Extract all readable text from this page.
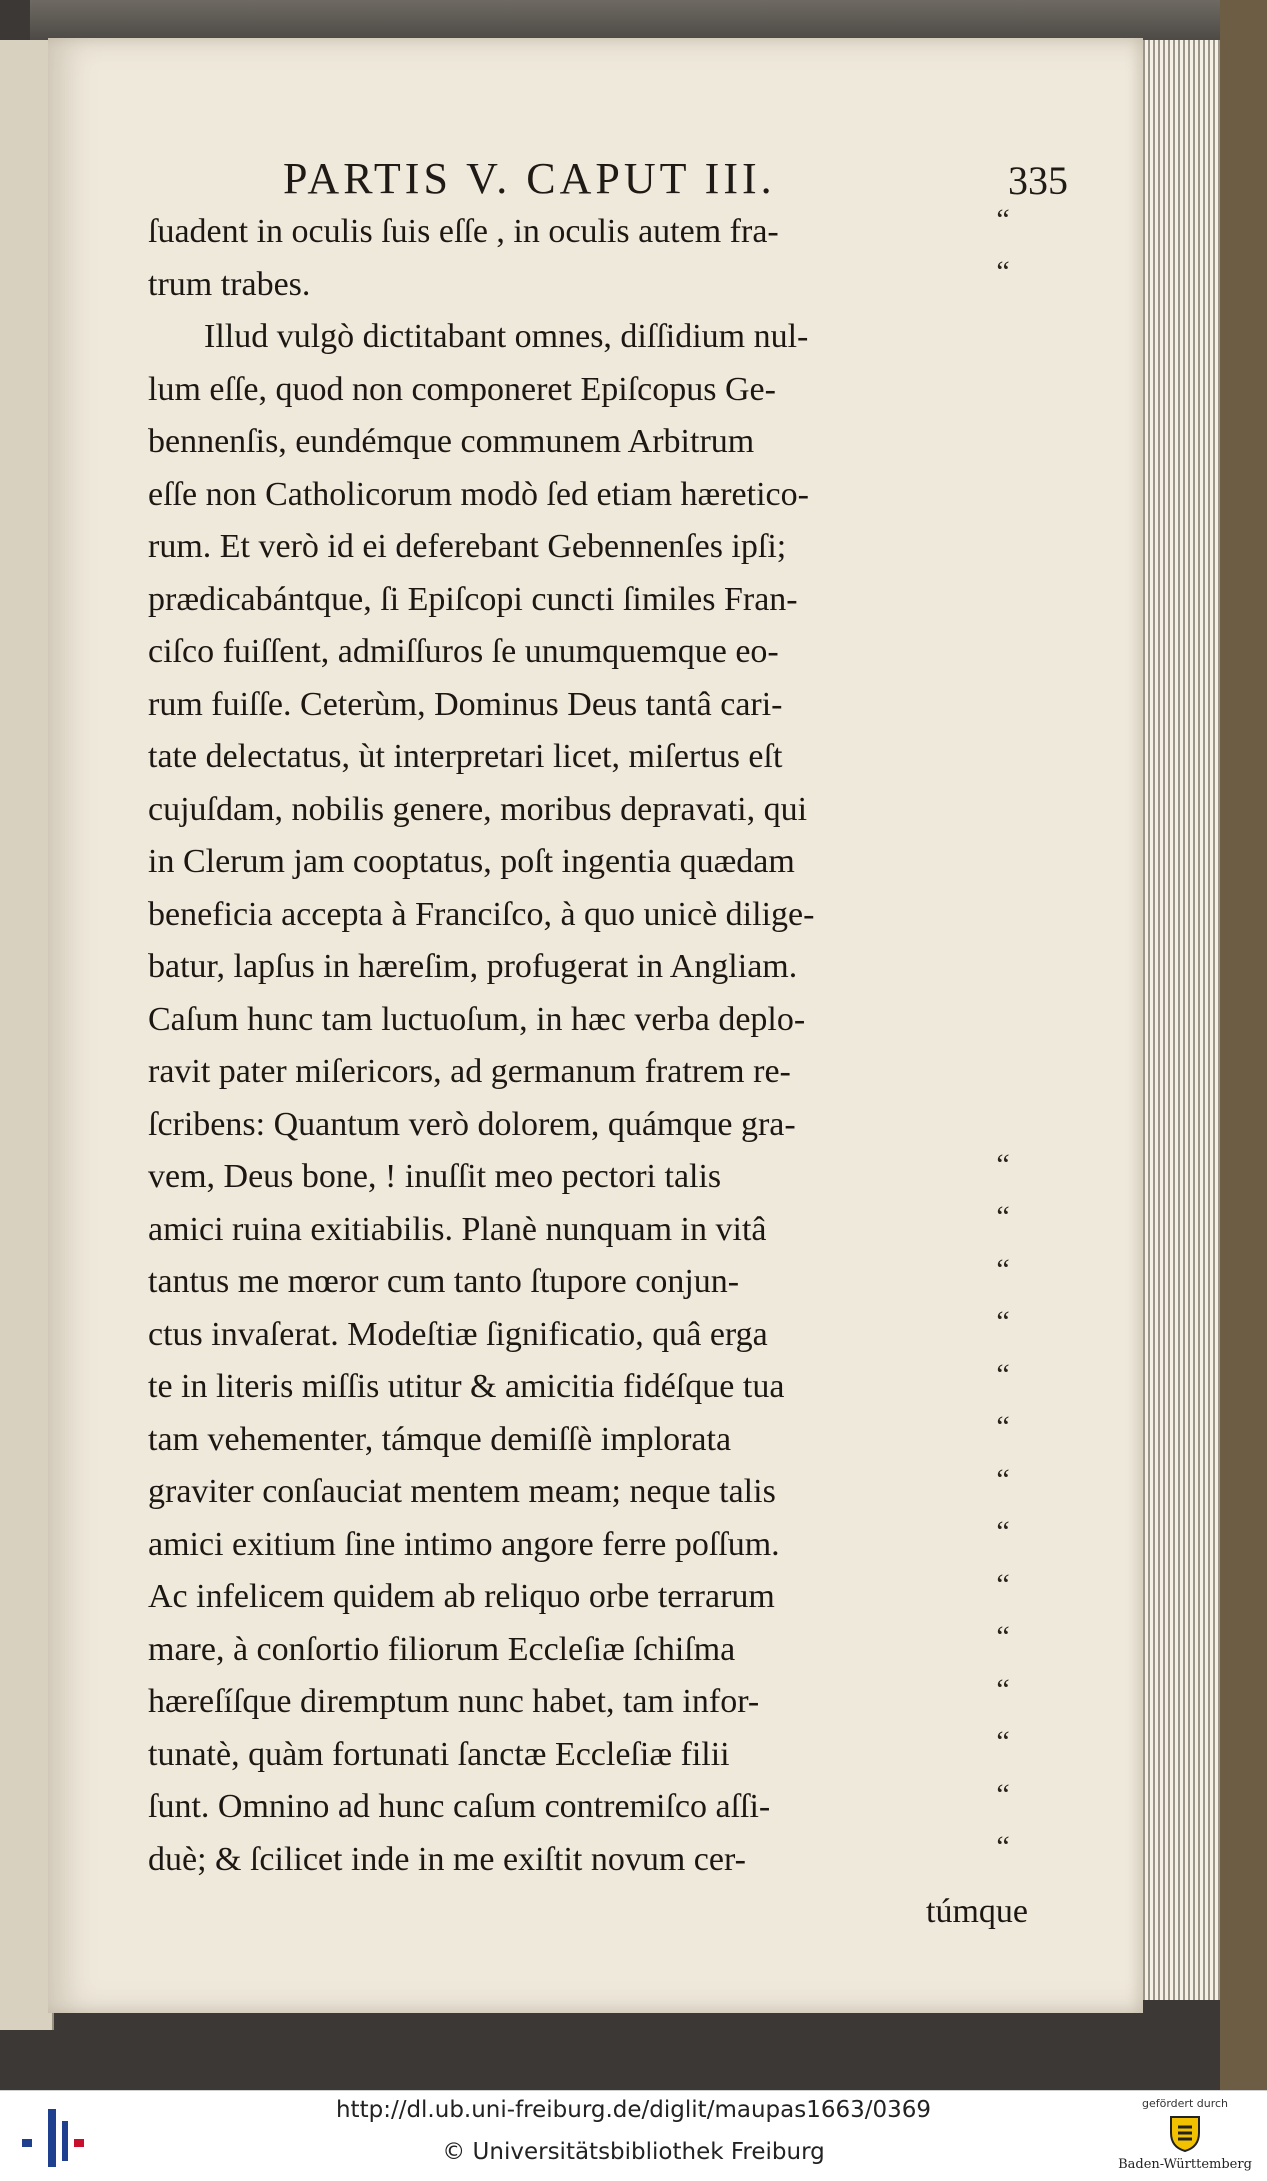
PARTIS V. CAPUT III.	335
ſuadent in oculis ſuis eſſe , in oculis autem fra-
trum trabes.
Illud vulgò dictitabant omnes, diſſidium nul-
lum eſſe, quod non componeret Epiſcopus Ge-
bennenſis, eundémque communem Arbitrum
eſſe non Catholicorum modò ſed etiam hæretico-
rum. Et verò id ei deferebant Gebennenſes ipſi;
prædicabántque, ſi Epiſcopi cuncti ſimiles Fran-
ciſco fuiſſent, admiſſuros ſe unumquemque eo-
rum fuiſſe. Ceterùm, Dominus Deus tantâ cari-
tate delectatus, ùt interpretari licet, miſertus eſt
cujuſdam, nobilis genere, moribus depravati, qui
in Clerum jam cooptatus, poſt ingentia quædam
beneficia accepta à Franciſco, à quo unicè dilige-
batur, lapſus in hæreſim, profugerat in Angliam.
Caſum hunc tam luctuoſum, in hæc verba deplo-
ravit pater miſericors, ad germanum fratrem re-
ſcribens: Quantum verò dolorem, quámque gra-
vem, Deus bone, ! inuſſit meo pectori talis
amici ruina exitiabilis. Planè nunquam in vitâ
tantus me mœror cum tanto ſtupore conjun-
ctus invaſerat. Modeſtiæ ſignificatio, quâ erga
te in literis miſſis utitur & amicitia fidéſque tua
tam vehementer, támque demiſſè implorata
graviter conſauciat mentem meam; neque talis
amici exitium ſine intimo angore ferre poſſum.
Ac infelicem quidem ab reliquo orbe terrarum
mare, à conſortio filiorum Eccleſiæ ſchiſma
hæreſíſque diremptum nunc habet, tam infor-
tunatè, quàm fortunati ſanctæ Eccleſiæ filii
ſunt. Omnino ad hunc caſum contremiſco aſſi-
duè; & ſcilicet inde in me exiſtit novum cer-
túmque
“
“
“
“
“
“
“
“
“
“
“
“
“
“
“
“
http://dl.ub.uni-freiburg.de/diglit/maupas1663/0369
© Universitätsbibliothek Freiburg
gefördert durch
Baden-Württemberg
